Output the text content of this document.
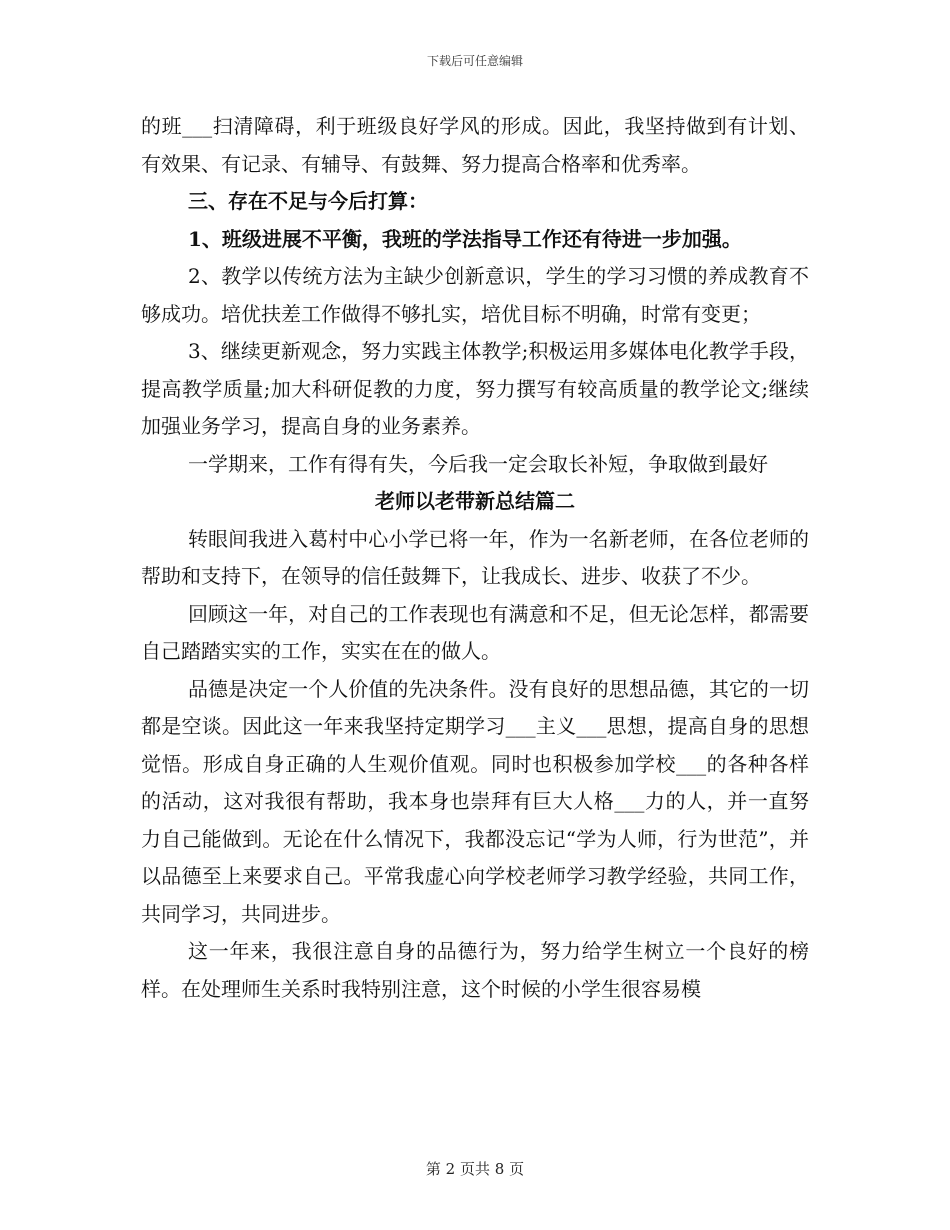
下载后可任意编辑

的班___扫清障碍，利于班级良好学风的形成。因此，我坚持做到有计划、有效果、有记录、有辅导、有鼓舞、努力提高合格率和优秀率。

三、存在不足与今后打算：

1、班级进展不平衡，我班的学法指导工作还有待进一步加强。

2、教学以传统方法为主缺少创新意识，学生的学习习惯的养成教育不够成功。培优扶差工作做得不够扎实，培优目标不明确，时常有变更；

3、继续更新观念，努力实践主体教学;积极运用多媒体电化教学手段，提高教学质量;加大科研促教的力度，努力撰写有较高质量的教学论文;继续加强业务学习，提高自身的业务素养。

一学期来，工作有得有失，今后我一定会取长补短，争取做到最好

老师以老带新总结篇二

转眼间我进入葛村中心小学已将一年，作为一名新老师，在各位老师的帮助和支持下，在领导的信任鼓舞下，让我成长、进步、收获了不少。

回顾这一年，对自己的工作表现也有满意和不足，但无论怎样，都需要自己踏踏实实的工作，实实在在的做人。

品德是决定一个人价值的先决条件。没有良好的思想品德，其它的一切都是空谈。因此这一年来我坚持定期学习___主义___思想，提高自身的思想觉悟。形成自身正确的人生观价值观。同时也积极参加学校___的各种各样的活动，这对我很有帮助，我本身也崇拜有巨大人格___力的人，并一直努力自己能做到。无论在什么情况下，我都没忘记“学为人师，行为世范”，并以品德至上来要求自己。平常我虚心向学校老师学习教学经验，共同工作，共同学习，共同进步。

这一年来，我很注意自身的品德行为，努力给学生树立一个良好的榜样。在处理师生关系时我特别注意，这个时候的小学生很容易模

第 2 页共 8 页
